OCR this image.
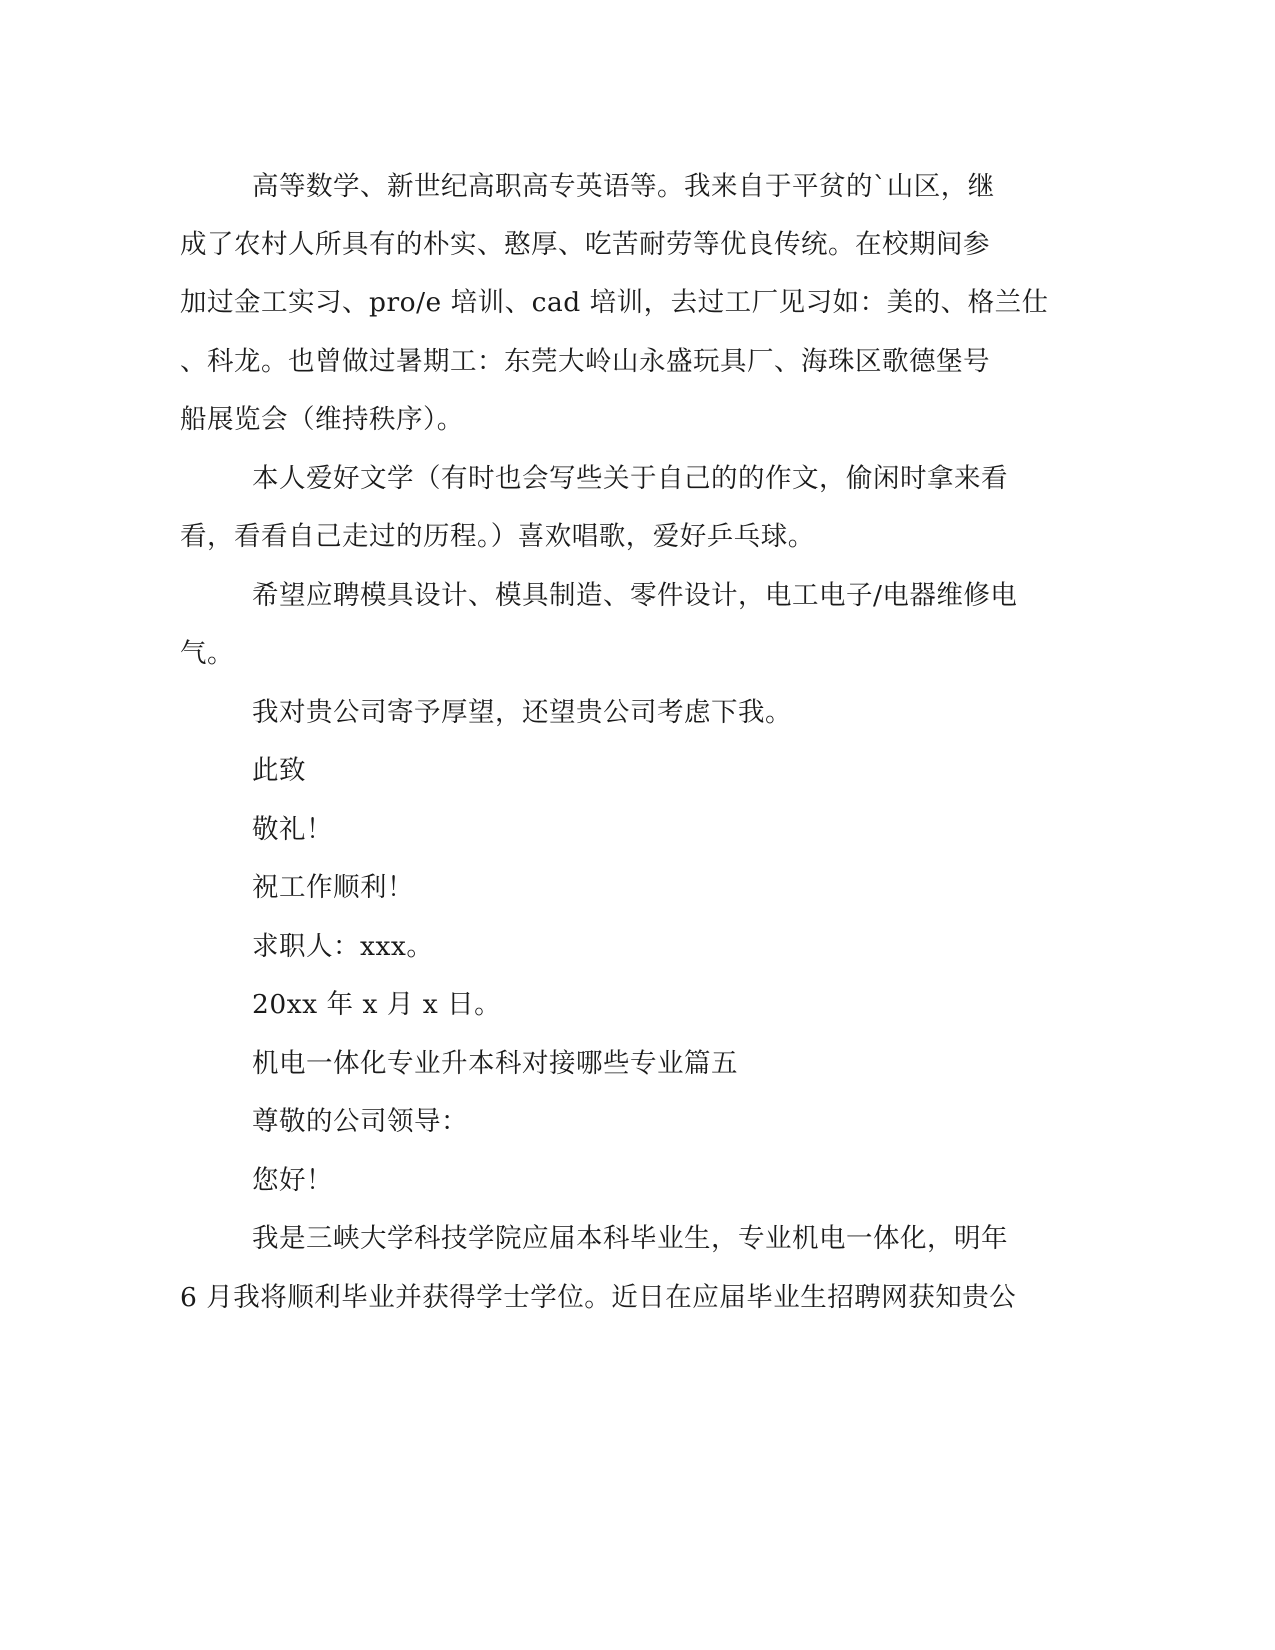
高等数学、新世纪高职高专英语等。我来自于平贫的`山区，继
成了农村人所具有的朴实、憨厚、吃苦耐劳等优良传统。在校期间参
加过金工实习、pro/e 培训、cad 培训，去过工厂见习如：美的、格兰仕
、科龙。也曾做过暑期工：东莞大岭山永盛玩具厂、海珠区歌德堡号
船展览会（维持秩序）。
本人爱好文学（有时也会写些关于自己的的作文，偷闲时拿来看
看，看看自己走过的历程。）喜欢唱歌，爱好乒乓球。
希望应聘模具设计、模具制造、零件设计，电工电子/电器维修电
气。
我对贵公司寄予厚望，还望贵公司考虑下我。
此致
敬礼！
祝工作顺利！
求职人：xxx。
20xx 年 x 月 x 日。
机电一体化专业升本科对接哪些专业篇五
尊敬的公司领导：
您好！
我是三峡大学科技学院应届本科毕业生，专业机电一体化，明年
6 月我将顺利毕业并获得学士学位。近日在应届毕业生招聘网获知贵公
